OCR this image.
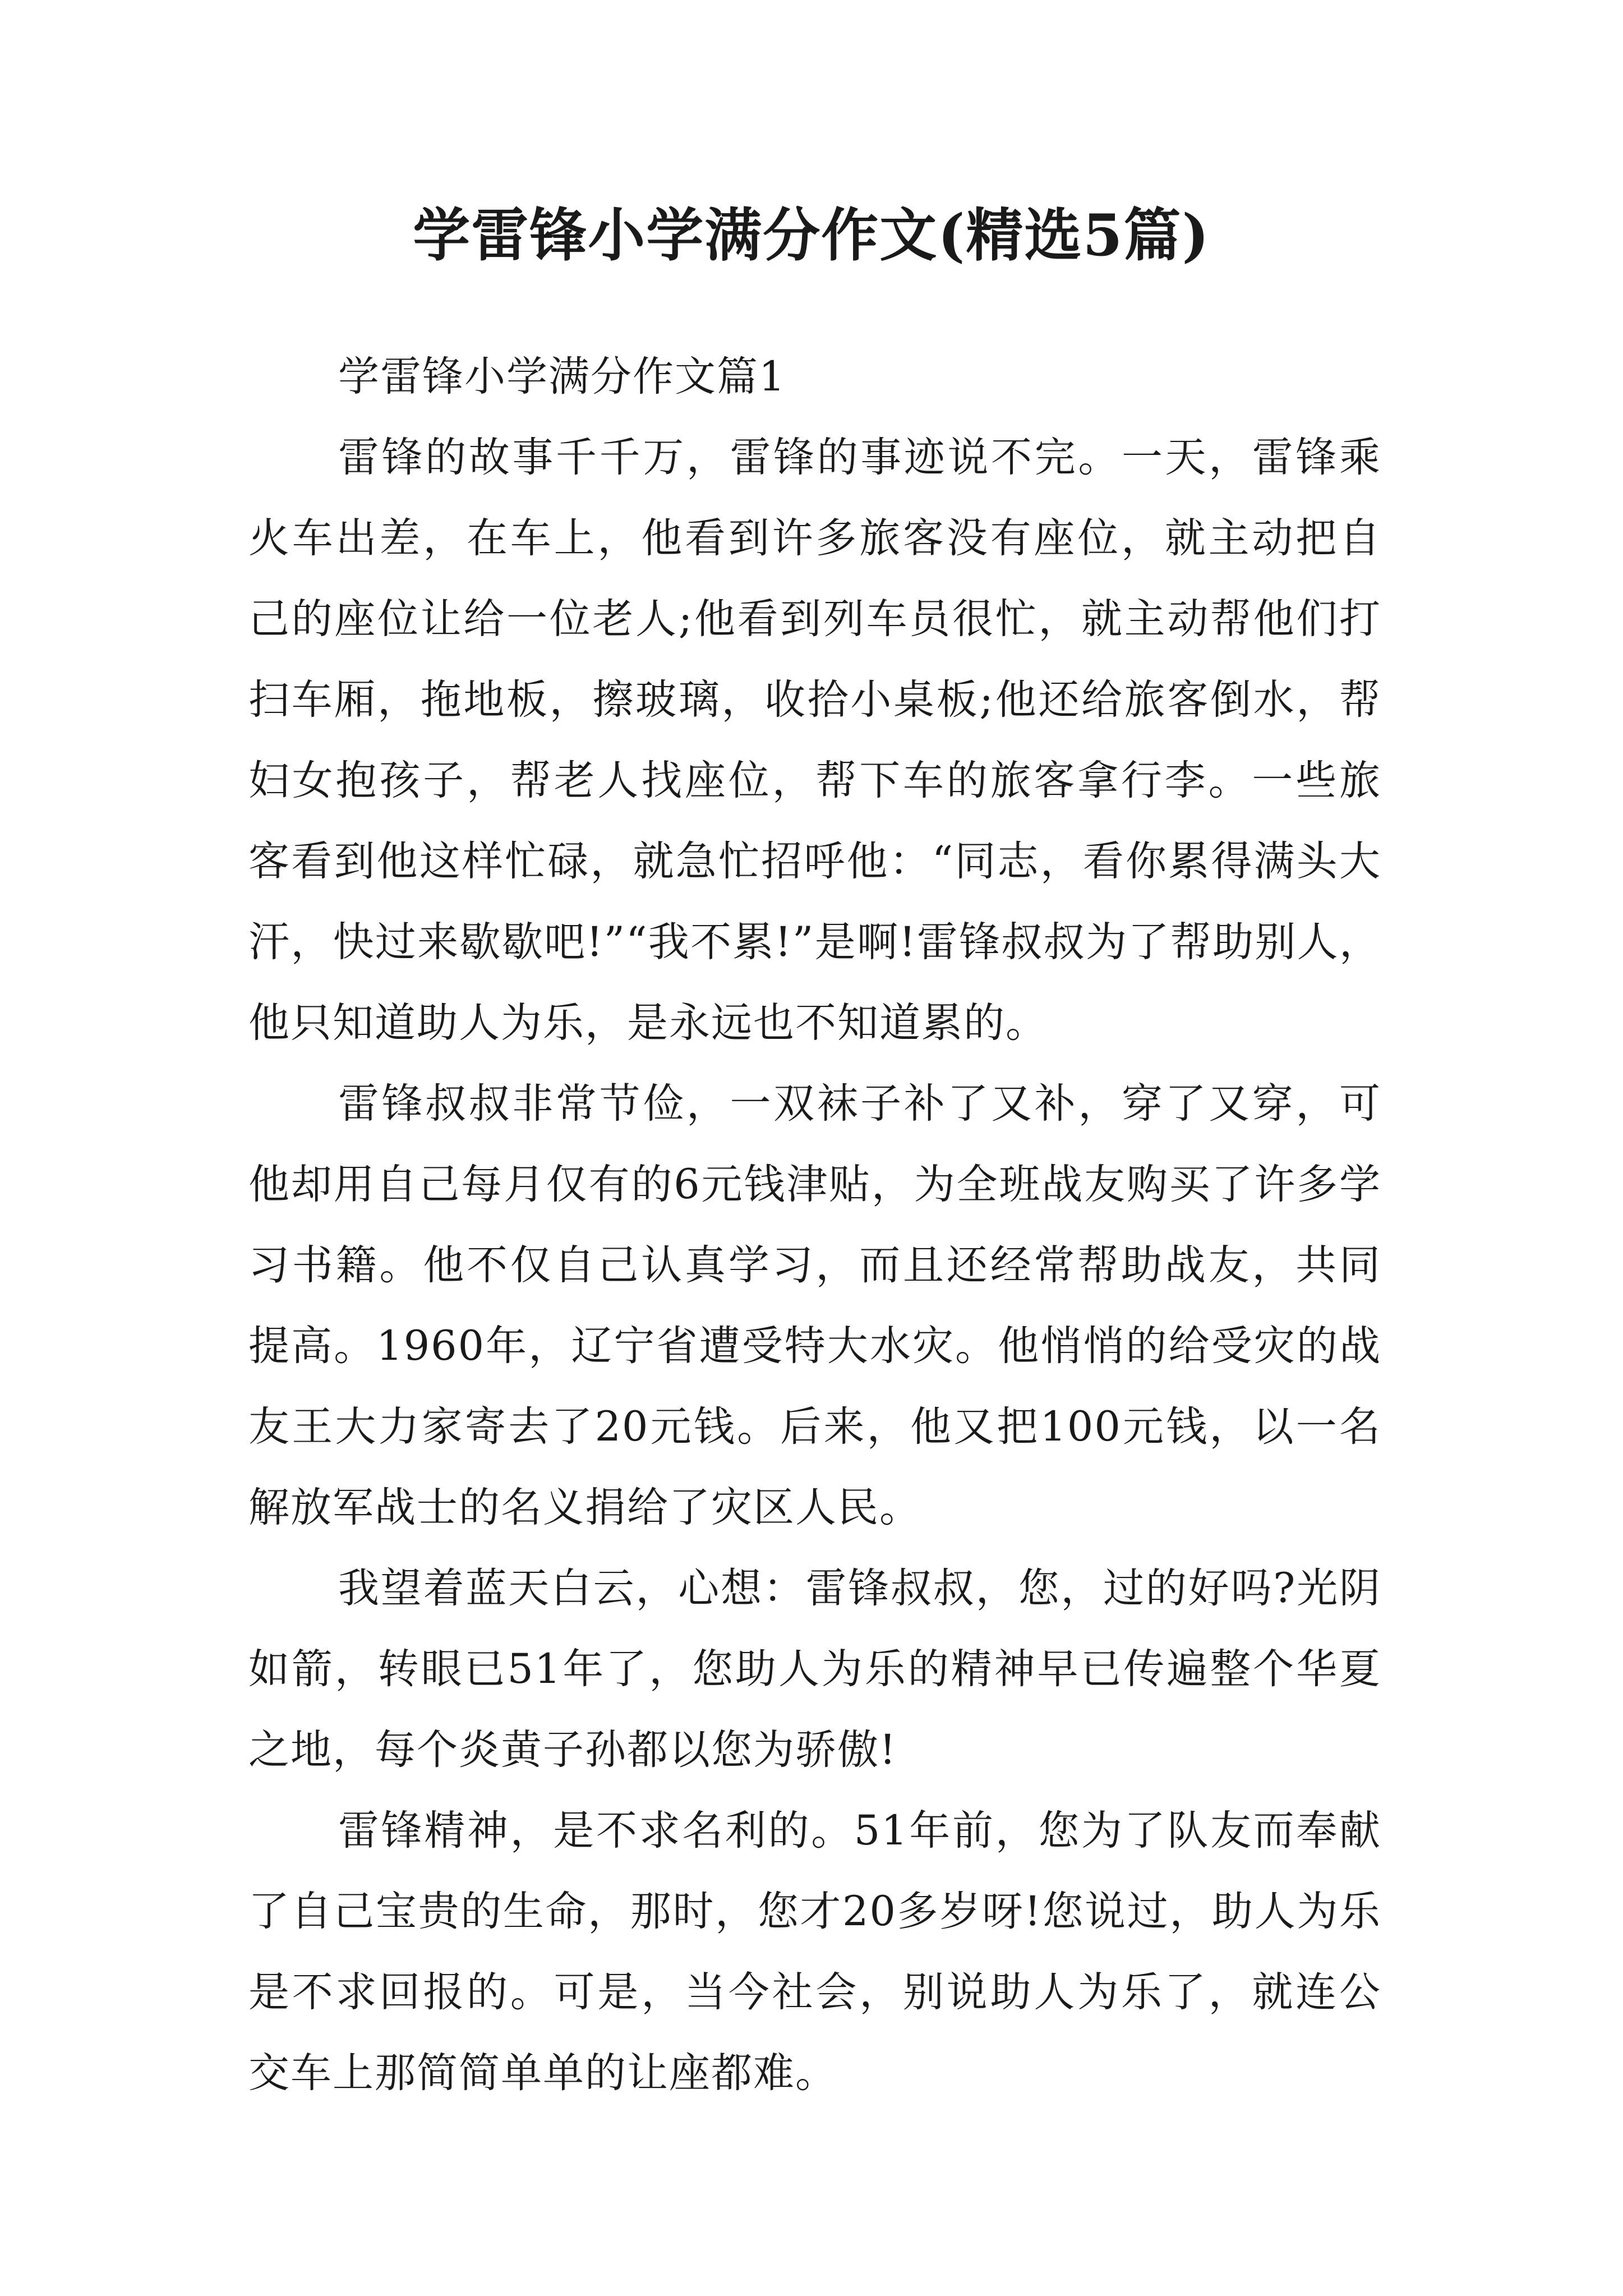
学雷锋小学满分作文(精选5篇)

学雷锋小学满分作文篇1

雷锋的故事千千万，雷锋的事迹说不完。一天，雷锋乘火车出差，在车上，他看到许多旅客没有座位，就主动把自己的座位让给一位老人;他看到列车员很忙，就主动帮他们打扫车厢，拖地板，擦玻璃，收拾小桌板;他还给旅客倒水，帮妇女抱孩子，帮老人找座位，帮下车的旅客拿行李。一些旅客看到他这样忙碌，就急忙招呼他：“同志，看你累得满头大汗，快过来歇歇吧!”“我不累!”是啊!雷锋叔叔为了帮助别人，他只知道助人为乐，是永远也不知道累的。

雷锋叔叔非常节俭，一双袜子补了又补，穿了又穿，可他却用自己每月仅有的6元钱津贴，为全班战友购买了许多学习书籍。他不仅自己认真学习，而且还经常帮助战友，共同提高。1960年，辽宁省遭受特大水灾。他悄悄的给受灾的战友王大力家寄去了20元钱。后来，他又把100元钱，以一名解放军战士的名义捐给了灾区人民。

我望着蓝天白云，心想：雷锋叔叔，您，过的好吗?光阴如箭，转眼已51年了，您助人为乐的精神早已传遍整个华夏之地，每个炎黄子孙都以您为骄傲!

雷锋精神，是不求名利的。51年前，您为了队友而奉献了自己宝贵的生命，那时，您才20多岁呀!您说过，助人为乐是不求回报的。可是，当今社会，别说助人为乐了，就连公交车上那简简单单的让座都难。
